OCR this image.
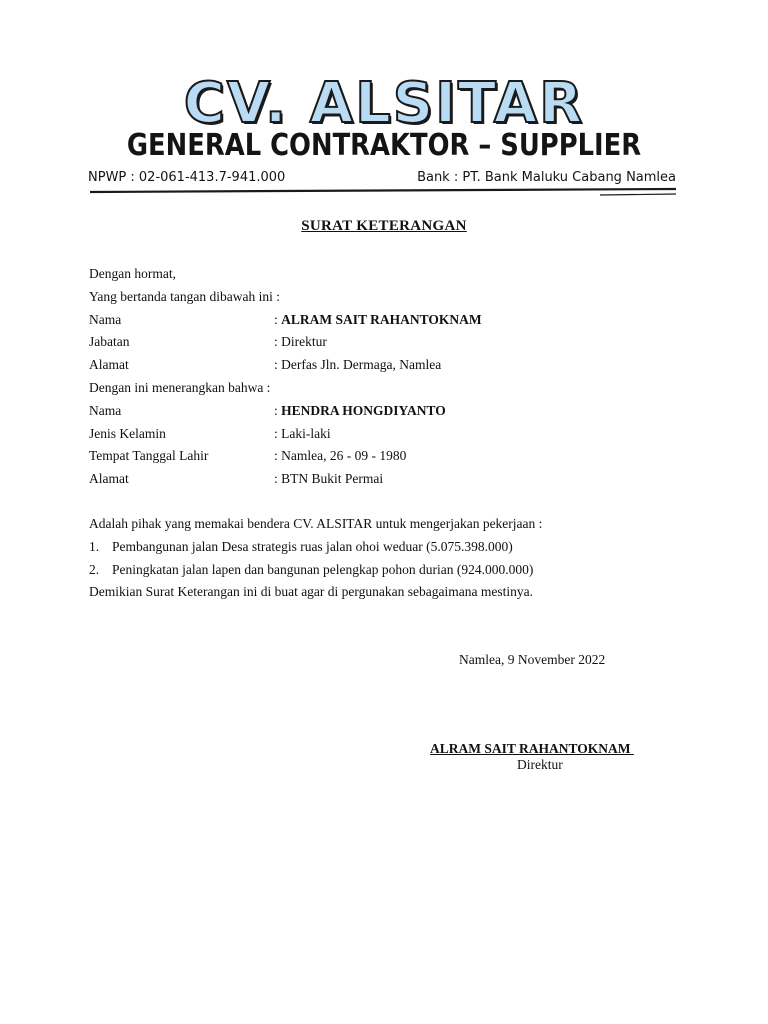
CV. ALSITAR
GENERAL CONTRAKTOR – SUPPLIER
NPWP : 02-061-413.7-941.000	Bank : PT. Bank Maluku Cabang Namlea
SURAT KETERANGAN
Dengan hormat,
Yang bertanda tangan dibawah ini :
Nama	: ALRAM SAIT RAHANTOKNAM
Jabatan	: Direktur
Alamat	: Derfas Jln. Dermaga, Namlea
Dengan ini menerangkan bahwa :
Nama	: HENDRA HONGDIYANTO
Jenis Kelamin	: Laki-laki
Tempat Tanggal Lahir	: Namlea, 26 - 09 - 1980
Alamat	: BTN Bukit Permai
Adalah pihak yang memakai bendera CV. ALSITAR untuk mengerjakan pekerjaan :
1. Pembangunan jalan Desa strategis ruas jalan ohoi weduar (5.075.398.000)
2. Peningkatan jalan lapen dan bangunan pelengkap pohon durian (924.000.000)
Demikian Surat Keterangan ini di buat agar di pergunakan sebagaimana mestinya.
Namlea, 9 November 2022
ALRAM SAIT RAHANTOKNAM
Direktur
